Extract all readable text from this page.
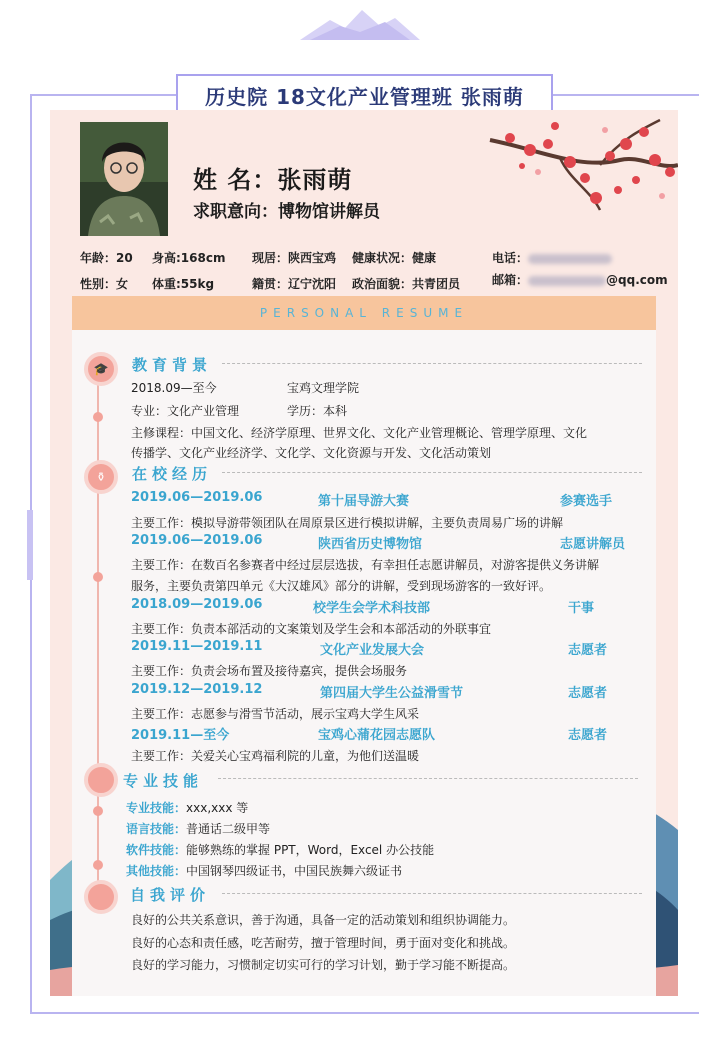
历史院 18文化产业管理班 张雨萌
姓 名：张雨萌
求职意向：博物馆讲解员
年龄：20 身高:168cm 现居：陕西宝鸡 健康状况：健康	电话：
性别：女 体重:55kg	籍贯：辽宁沈阳 政治面貌：共青团员	邮箱：	@qq.com
PERSONAL RESUME
🎓	教育背景
2018.09—至今	宝鸡文理学院
专业：文化产业管理	学历：本科
主修课程：中国文化、经济学原理、世界文化、文化产业管理概论、管理学原理、文化
传播学、文化产业经济学、文化学、文化资源与开发、文化活动策划
⚱	在校经历
2019.06—2019.06	第十届导游大赛	参赛选手
主要工作：模拟导游带领团队在周原景区进行模拟讲解，主要负责周易广场的讲解
2019.06—2019.06	陕西省历史博物馆	志愿讲解员
主要工作：在数百名参赛者中经过层层选拔，有幸担任志愿讲解员，对游客提供义务讲解
服务，主要负责第四单元《大汉雄风》部分的讲解，受到现场游客的一致好评。
2018.09—2019.06	校学生会学术科技部	干事
主要工作：负责本部活动的文案策划及学生会和本部活动的外联事宜
2019.11—2019.11	文化产业发展大会	志愿者
主要工作：负责会场布置及接待嘉宾，提供会场服务
2019.12—2019.12	第四届大学生公益滑雪节	志愿者
主要工作：志愿参与滑雪节活动，展示宝鸡大学生风采
2019.11—至今	宝鸡心蒲花园志愿队	志愿者
主要工作：关爱关心宝鸡福利院的儿童，为他们送温暖
专业技能
专业技能：xxx,xxx 等
语言技能：普通话二级甲等
软件技能：能够熟练的掌握 PPT，Word，Excel 办公技能
其他技能：中国钢琴四级证书，中国民族舞六级证书
自我评价
良好的公共关系意识，善于沟通，具备一定的活动策划和组织协调能力。
良好的心态和责任感，吃苦耐劳，擅于管理时间，勇于面对变化和挑战。
良好的学习能力，习惯制定切实可行的学习计划，勤于学习能不断提高。
